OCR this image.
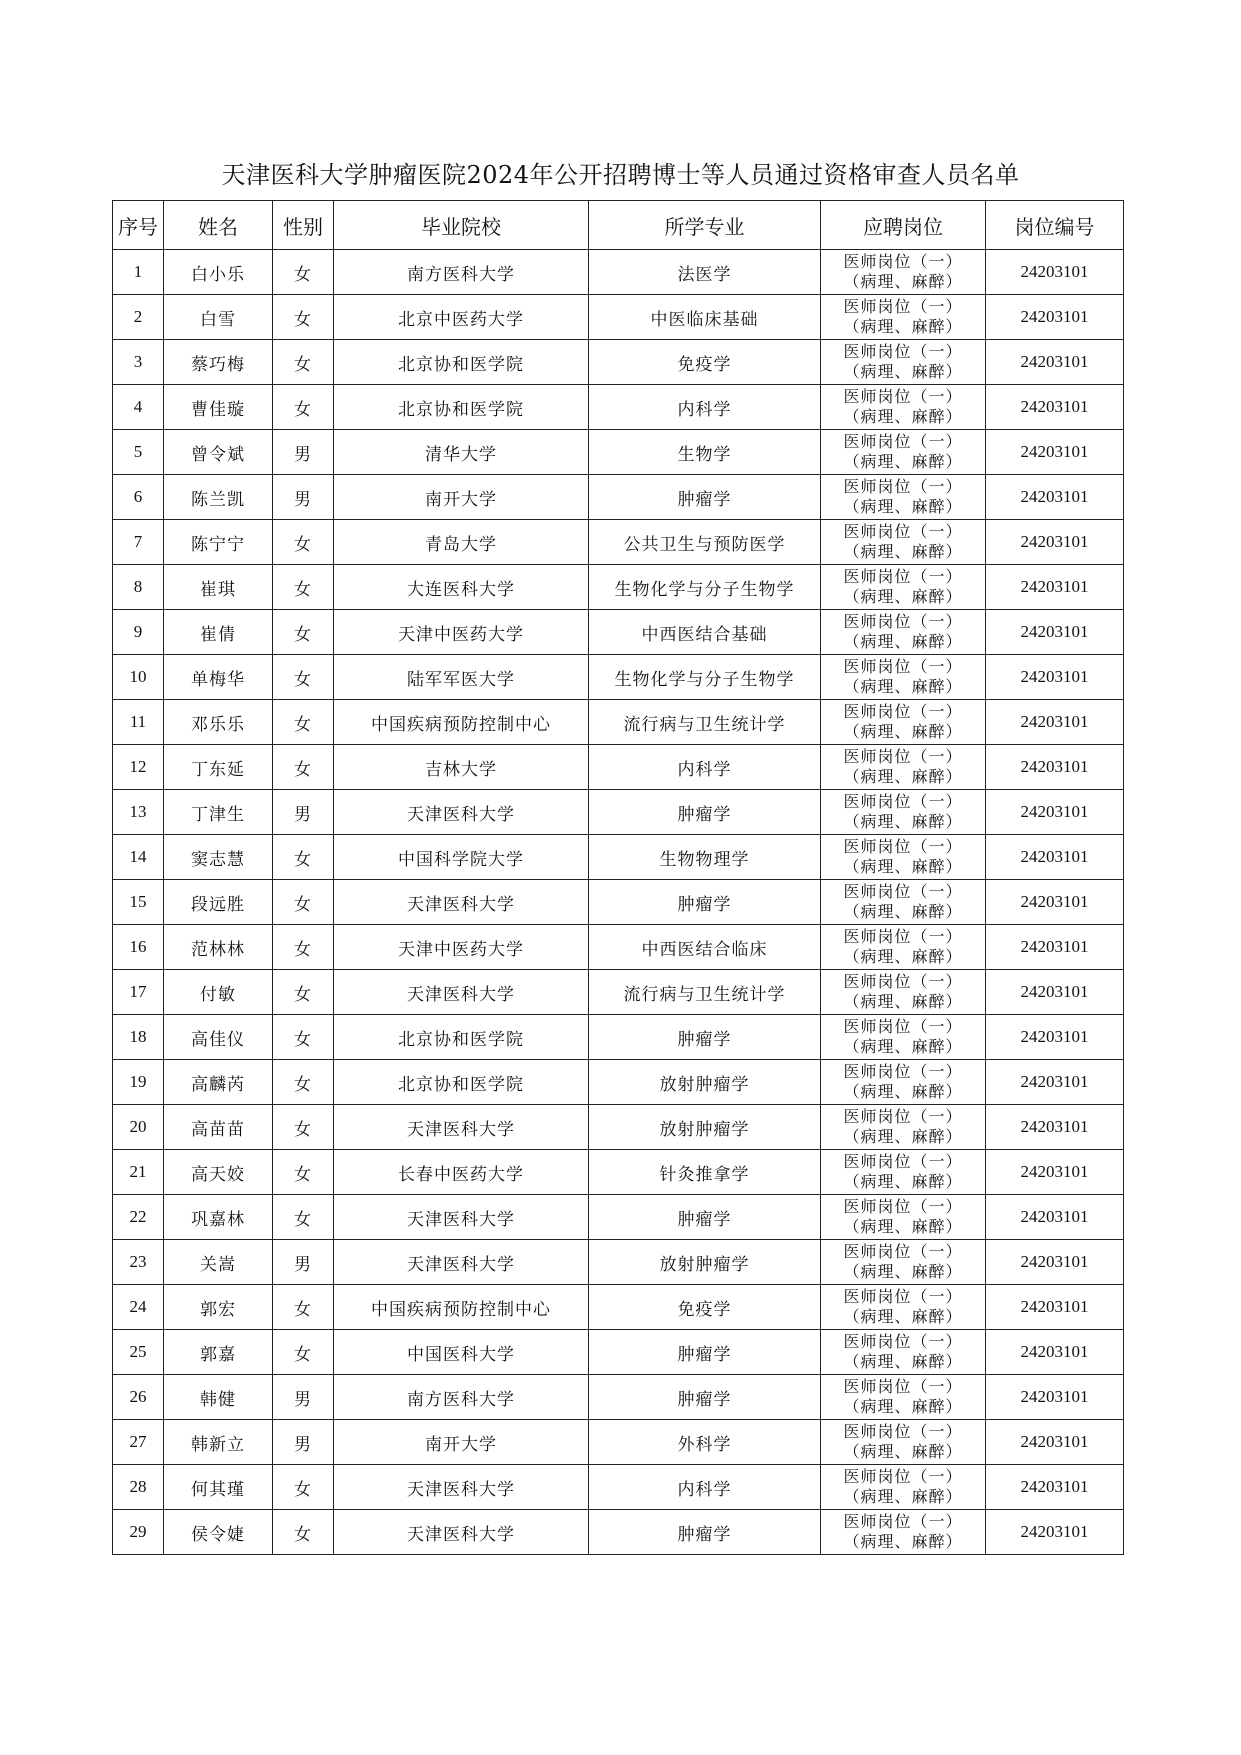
天津医科大学肿瘤医院2024年公开招聘博士等人员通过资格审查人员名单
序号	姓名	性别	毕业院校	所学专业	应聘岗位	岗位编号
1	白小乐	女	南方医科大学	法医学	医师岗位（一）
（病理、麻醉）	24203101
2	白雪	女	北京中医药大学	中医临床基础	医师岗位（一）
（病理、麻醉）	24203101
3	蔡巧梅	女	北京协和医学院	免疫学	医师岗位（一）
（病理、麻醉）	24203101
4	曹佳璇	女	北京协和医学院	内科学	医师岗位（一）
（病理、麻醉）	24203101
5	曾令斌	男	清华大学	生物学	医师岗位（一）
（病理、麻醉）	24203101
6	陈兰凯	男	南开大学	肿瘤学	医师岗位（一）
（病理、麻醉）	24203101
7	陈宁宁	女	青岛大学	公共卫生与预防医学	医师岗位（一）
（病理、麻醉）	24203101
8	崔琪	女	大连医科大学	生物化学与分子生物学	医师岗位（一）
（病理、麻醉）	24203101
9	崔倩	女	天津中医药大学	中西医结合基础	医师岗位（一）
（病理、麻醉）	24203101
10	单梅华	女	陆军军医大学	生物化学与分子生物学	医师岗位（一）
（病理、麻醉）	24203101
11	邓乐乐	女	中国疾病预防控制中心	流行病与卫生统计学	医师岗位（一）
（病理、麻醉）	24203101
12	丁东延	女	吉林大学	内科学	医师岗位（一）
（病理、麻醉）	24203101
13	丁津生	男	天津医科大学	肿瘤学	医师岗位（一）
（病理、麻醉）	24203101
14	窦志慧	女	中国科学院大学	生物物理学	医师岗位（一）
（病理、麻醉）	24203101
15	段远胜	女	天津医科大学	肿瘤学	医师岗位（一）
（病理、麻醉）	24203101
16	范林林	女	天津中医药大学	中西医结合临床	医师岗位（一）
（病理、麻醉）	24203101
17	付敏	女	天津医科大学	流行病与卫生统计学	医师岗位（一）
（病理、麻醉）	24203101
18	高佳仪	女	北京协和医学院	肿瘤学	医师岗位（一）
（病理、麻醉）	24203101
19	高麟芮	女	北京协和医学院	放射肿瘤学	医师岗位（一）
（病理、麻醉）	24203101
20	高苗苗	女	天津医科大学	放射肿瘤学	医师岗位（一）
（病理、麻醉）	24203101
21	高天姣	女	长春中医药大学	针灸推拿学	医师岗位（一）
（病理、麻醉）	24203101
22	巩嘉林	女	天津医科大学	肿瘤学	医师岗位（一）
（病理、麻醉）	24203101
23	关嵩	男	天津医科大学	放射肿瘤学	医师岗位（一）
（病理、麻醉）	24203101
24	郭宏	女	中国疾病预防控制中心	免疫学	医师岗位（一）
（病理、麻醉）	24203101
25	郭嘉	女	中国医科大学	肿瘤学	医师岗位（一）
（病理、麻醉）	24203101
26	韩健	男	南方医科大学	肿瘤学	医师岗位（一）
（病理、麻醉）	24203101
27	韩新立	男	南开大学	外科学	医师岗位（一）
（病理、麻醉）	24203101
28	何其瑾	女	天津医科大学	内科学	医师岗位（一）
（病理、麻醉）	24203101
29	侯令婕	女	天津医科大学	肿瘤学	医师岗位（一）
（病理、麻醉）	24203101
